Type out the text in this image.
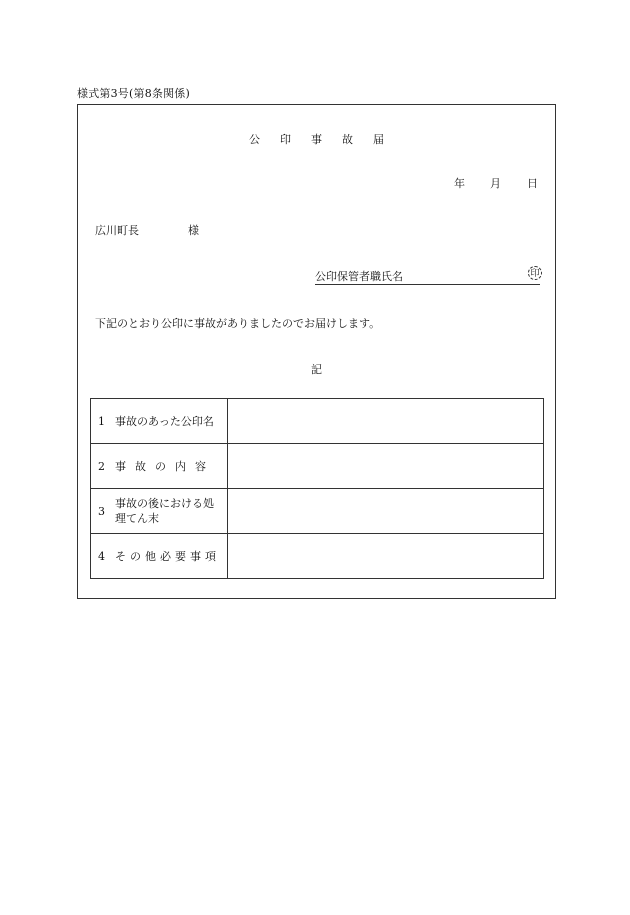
様式第3号(第8条関係)
公印事故届
年 月 日
広川町長	様
公印保管者職氏名	印
下記のとおり公印に事故がありましたのでお届けします。
記
1 事故のあった公印名	

2 事故の内容	

3
事故の後における処理てん末	

4 その他必要事項	
